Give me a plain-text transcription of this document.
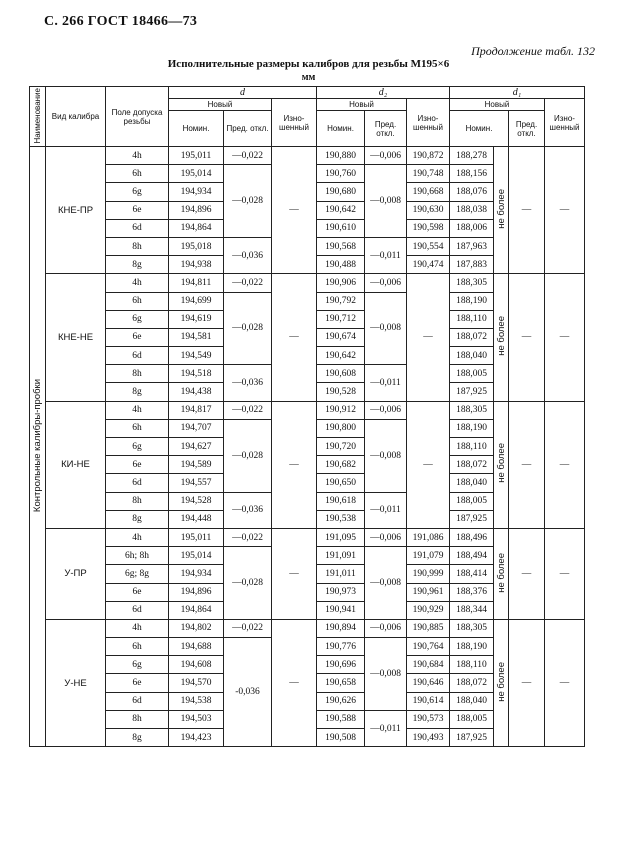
С. 266 ГОСТ 18466—73
Продолжение табл. 132
Исполнительные размеры калибров для резьбы М195×6
мм
Наименование	Вид калибра	Поле допуска резьбы	d			d₂			d₁			
			Новый		Изно-шенный	Новый		Изно-шенный	Новый			Изно-шенный
			Номин.	Пред. откл.		Номин.	Пред. откл.		Номин.		Пред. откл.	
Контрольные калибры-пробки	КНЕ-ПР	4h	195,011	—0,022	—	190,880	—0,006	190,872	188,278	не более	—	—
		6h	195,014	—0,028		190,760	—0,008	190,748	188,156			
		6g	194,934			190,680		190,668	188,076			
		6e	194,896			190,642		190,630	188,038			
		6d	194,864			190,610		190,598	188,006			
		8h	195,018	—0,036		190,568	—0,011	190,554	187,963			
		8g	194,938			190,488		190,474	187,883			
	КНЕ-НЕ	4h	194,811	—0,022	—	190,906	—0,006	—	188,305	не более	—	—
		6h	194,699	—0,028		190,792	—0,008		188,190			
		6g	194,619			190,712			188,110			
		6e	194,581			190,674			188,072			
		6d	194,549			190,642			188,040			
		8h	194,518	—0,036		190,608	—0,011		188,005			
		8g	194,438			190,528			187,925			
	КИ-НЕ	4h	194,817	—0,022	—	190,912	—0,006	—	188,305	не более	—	—
		6h	194,707	—0,028		190,800	—0,008		188,190			
		6g	194,627			190,720			188,110			
		6e	194,589			190,682			188,072			
		6d	194,557			190,650			188,040			
		8h	194,528	—0,036		190,618	—0,011		188,005			
		8g	194,448			190,538			187,925			
	У-ПР	4h	195,011	—0,022	—	191,095	—0,006	191,086	188,496	не более	—	—
		6h; 8h	195,014	—0,028		191,091	—0,008	191,079	188,494			
		6g; 8g	194,934			191,011		190,999	188,414			
		6e	194,896			190,973		190,961	188,376			
		6d	194,864			190,941		190,929	188,344			
	У-НЕ	4h	194,802	—0,022	—	190,894	—0,006	190,885	188,305	не более	—	—
		6h	194,688	-0,036		190,776	—0,008	190,764	188,190			
		6g	194,608			190,696		190,684	188,110			
		6e	194,570			190,658		190,646	188,072			
		6d	194,538			190,626		190,614	188,040			
		8h	194,503			190,588	—0,011	190,573	188,005			
		8g	194,423			190,508		190,493	187,925			
